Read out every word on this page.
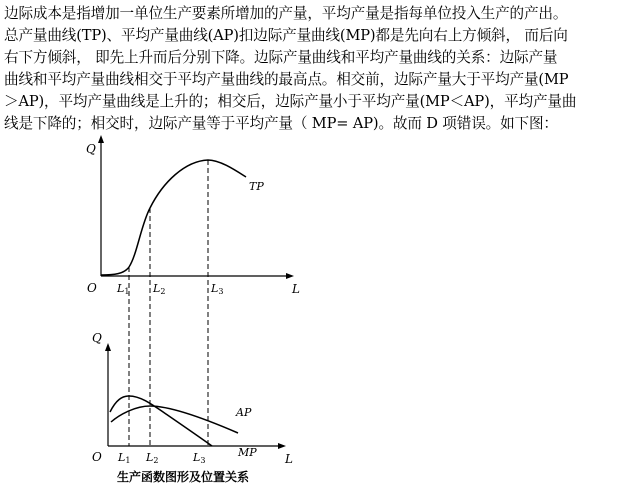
边际成本是指增加一单位生产要素所增加的产量，平均产量是指每单位投入生产的产出。
总产量曲线(TP)、平均产量曲线(AP)扣边际产量曲线(MP)都是先向右上方倾斜， 而后向
右下方倾斜， 即先上升而后分别下降。边际产量曲线和平均产量曲线的关系：边际产量
曲线和平均产量曲线相交于平均产量曲线的最高点。相交前，边际产量大于平均产量(MP
＞AP)，平均产量曲线是上升的；相交后，边际产量小于平均产量(MP＜AP)，平均产量曲
线是下降的；相交时，边际产量等于平均产量（ MP= AP)。故而 D 项错误。如下图：
Q
O	L
TP
L1 L2	L3
Q
O	L
AP
MP
L1 L2	L3
生产函数图形及位置关系
